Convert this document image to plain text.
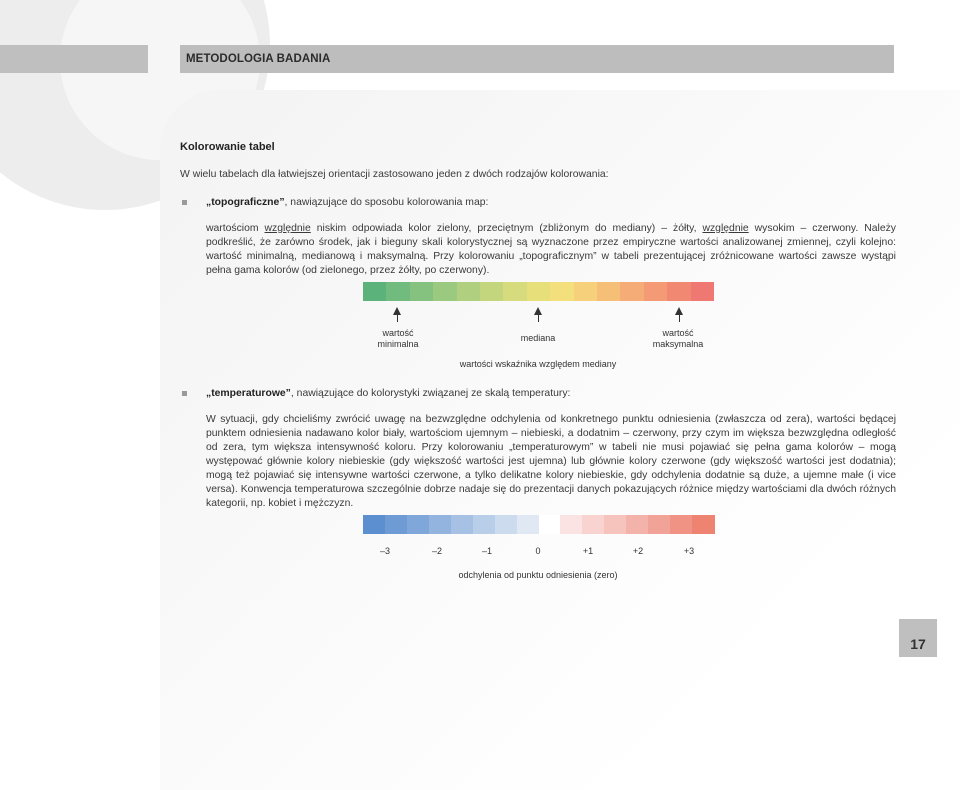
METODOLOGIA BADANIA
Kolorowanie tabel
W wielu tabelach dla łatwiejszej orientacji zastosowano jeden z dwóch rodzajów kolorowania:
„topograficzne”, nawiązujące do sposobu kolorowania map:

wartościom względnie niskim odpowiada kolor zielony, przeciętnym (zbliżonym do mediany) – żółty, względnie wysokim – czerwony. Należy podkreślić, że zarówno środek, jak i bieguny skali kolorystycznej są wyznaczone przez empiryczne wartości analizowanej zmiennej, czyli kolejno: wartość minimalną, medianową i maksymalną. Przy kolorowaniu „topograficznym” w tabeli prezentującej zróżnicowane wartości zawsze wystąpi pełna gama kolorów (od zielonego, przez żółty, po czerwony).

wartość
minimalna
mediana	wartość
maksymalna
wartości wskaźnika względem mediany
„temperaturowe”, nawiązujące do kolorystyki związanej ze skalą temperatury:

W sytuacji, gdy chcieliśmy zwrócić uwagę na bezwzględne odchylenia od konkretnego punktu odniesienia (zwłaszcza od zera), wartości będącej punktem odniesienia nadawano kolor biały, wartościom ujemnym – niebieski, a dodatnim – czerwony, przy czym im większa bezwzględna odległość od zera, tym większa intensywność koloru. Przy kolorowaniu „temperaturowym” w tabeli nie musi pojawiać się pełna gama kolorów – mogą występować głównie kolory niebieskie (gdy większość wartości jest ujemna) lub głównie kolory czerwone (gdy większość wartości jest dodatnia); mogą też pojawiać się intensywne wartości czerwone, a tylko delikatne kolory niebieskie, gdy odchylenia dodatnie są duże, a ujemne małe (i vice versa). Konwencja temperaturowa szczególnie dobrze nadaje się do prezentacji danych pokazujących różnice między wartościami dla dwóch różnych kategorii, np. kobiet i mężczyzn.

–3	–2	–1	0	+1	+2	+3
odchylenia od punktu odniesienia (zero)
17
